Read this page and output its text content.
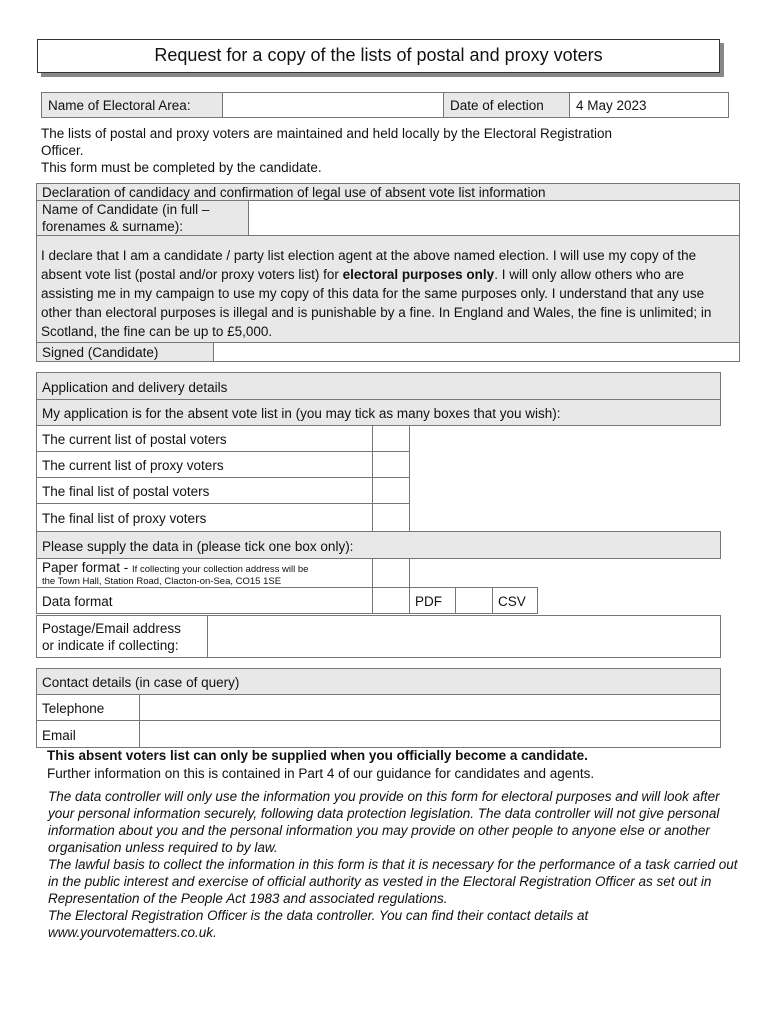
Request for a copy of the lists of postal and proxy voters
Name of Electoral Area:	Date of election 4 May 2023
The lists of postal and proxy voters are maintained and held locally by the Electoral Registration
Officer.
This form must be completed by the candidate.
Declaration of candidacy and confirmation of legal use of absent vote list information
Name of Candidate (in full –
forenames & surname):
I declare that I am a candidate / party list election agent at the above named election. I will use my copy of the absent vote list (postal and/or proxy voters list) for electoral purposes only. I will only allow others who are assisting me in my campaign to use my copy of this data for the same purposes only. I understand that any use other than electoral purposes is illegal and is punishable by a fine. In England and Wales, the fine is unlimited; in Scotland, the fine can be up to £5,000.
Signed (Candidate)
Application and delivery details
My application is for the absent vote list in (you may tick as many boxes that you wish):
The current list of postal voters
The current list of proxy voters
The final list of postal voters
The final list of proxy voters
Please supply the data in (please tick one box only):
Paper format - If collecting your collection address will be
the Town Hall, Station Road, Clacton-on-Sea, CO15 1SE
Data format	PDF	CSV
Postage/Email address
or indicate if collecting:
Contact details (in case of query)
Telephone
Email
This absent voters list can only be supplied when you officially become a candidate.
Further information on this is contained in Part 4 of our guidance for candidates and agents.
The data controller will only use the information you provide on this form for electoral purposes and will look after your personal information securely, following data protection legislation. The data controller will not give personal information about you and the personal information you may provide on other people to anyone else or another organisation unless required to by law.
The lawful basis to collect the information in this form is that it is necessary for the performance of a task carried out in the public interest and exercise of official authority as vested in the Electoral Registration Officer as set out in Representation of the People Act 1983 and associated regulations.
The Electoral Registration Officer is the data controller. You can find their contact details at www.yourvotematters.co.uk.
